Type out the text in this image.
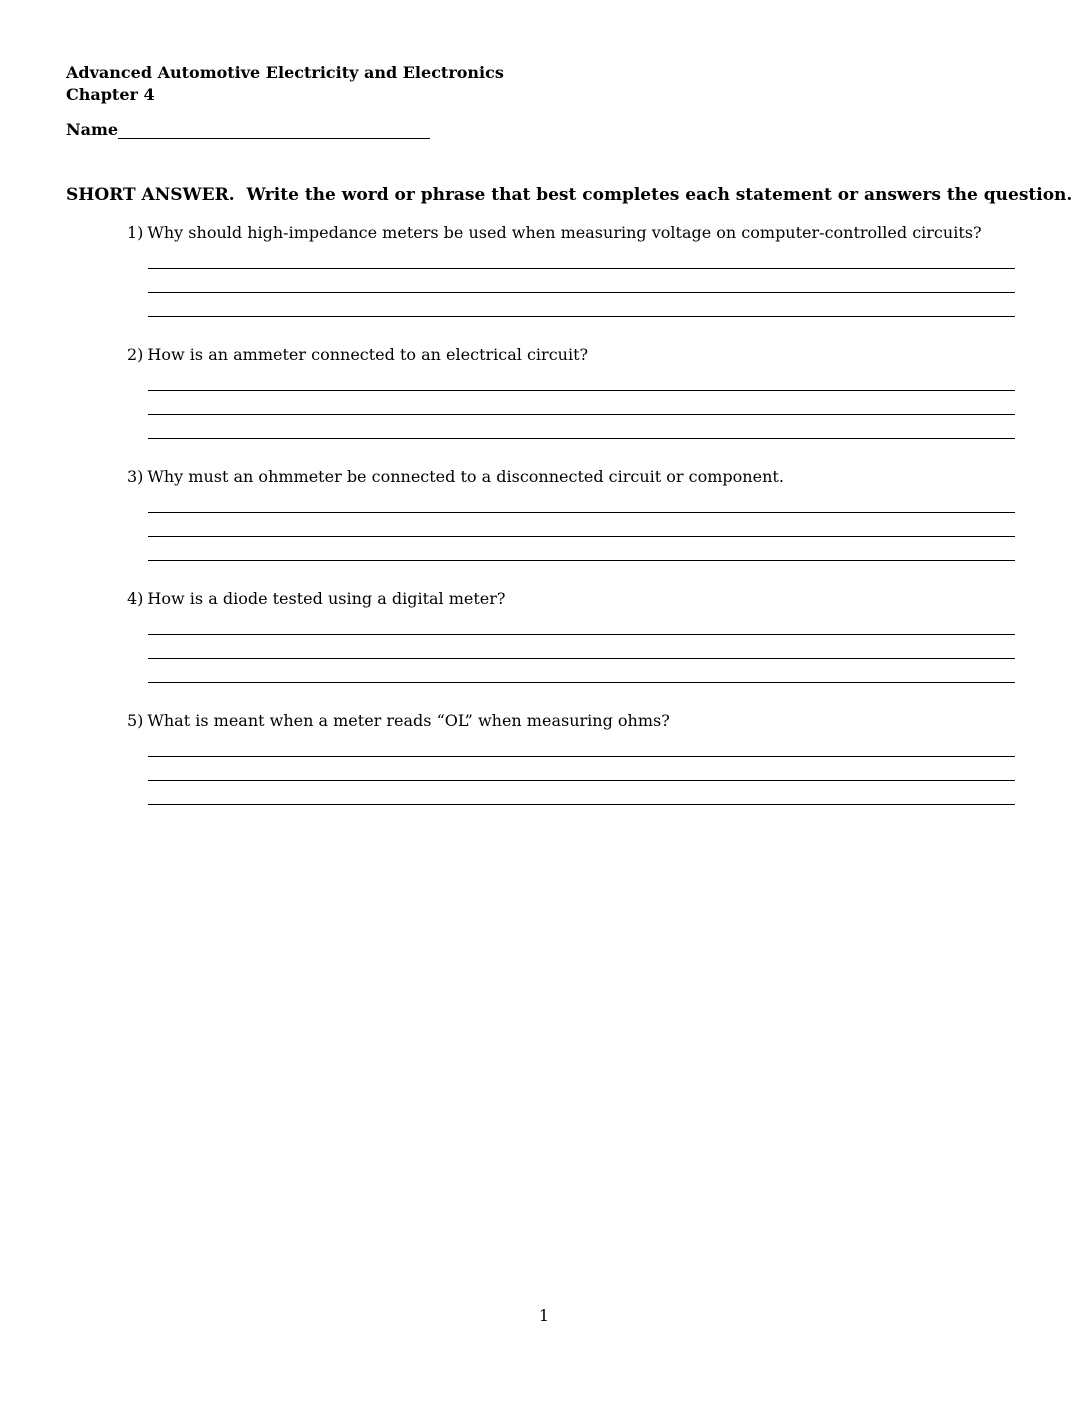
Advanced Automotive Electricity and Electronics
Chapter 4
Name
SHORT ANSWER.  Write the word or phrase that best completes each statement or answers the question.
1) Why should high-impedance meters be used when measuring voltage on computer-controlled circuits?
2) How is an ammeter connected to an electrical circuit?
3) Why must an ohmmeter be connected to a disconnected circuit or component.
4) How is a diode tested using a digital meter?
5) What is meant when a meter reads “OL” when measuring ohms?
1
